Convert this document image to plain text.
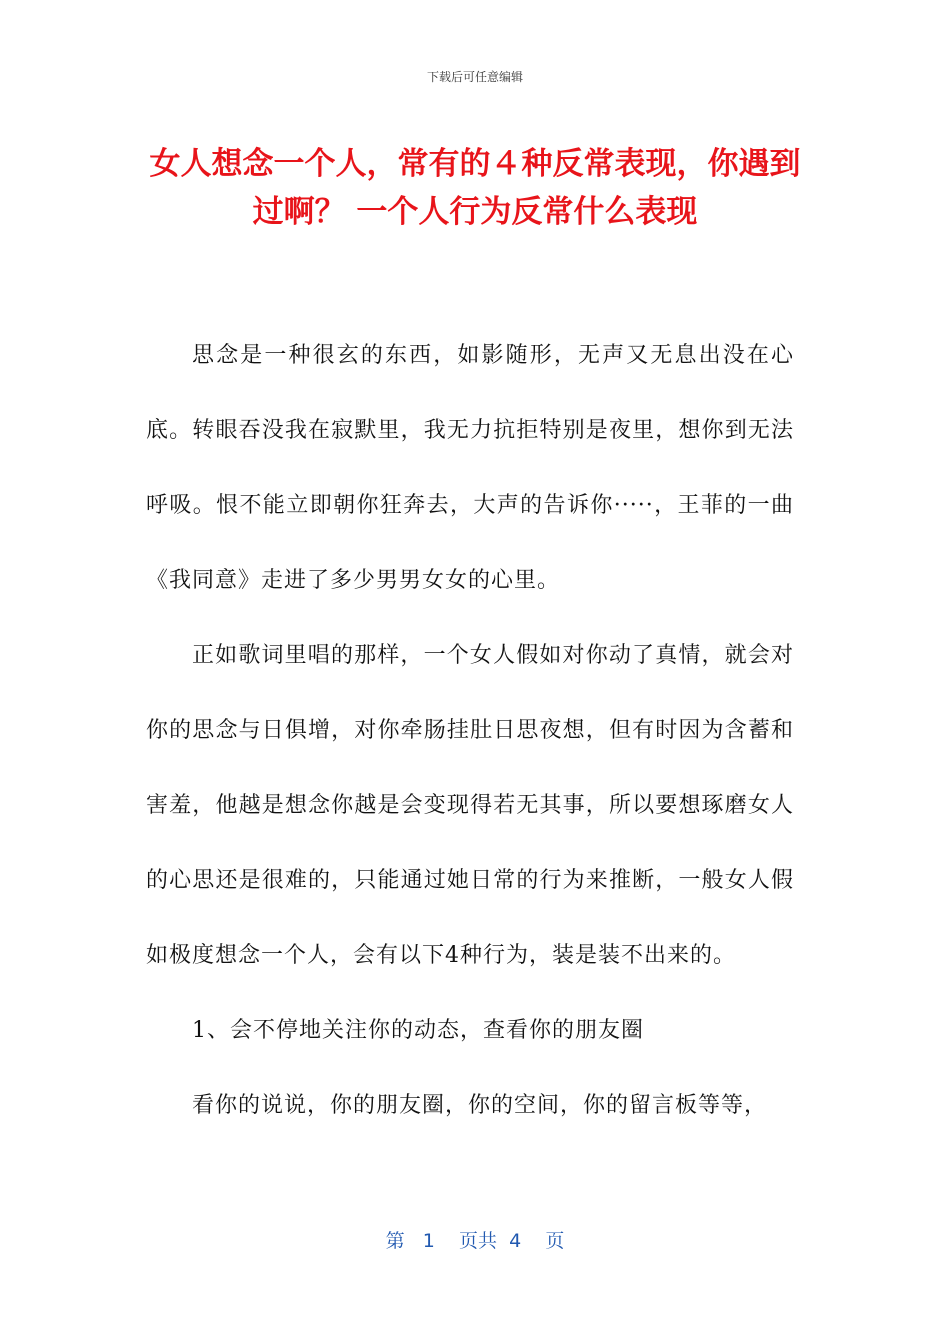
下载后可任意编辑
女人想念一个人，常有的４种反常表现，你遇到过啊？ 一个人行为反常什么表现

思念是一种很玄的东西，如影随形，无声又无息出没在心底。转眼吞没我在寂默里，我无力抗拒特别是夜里，想你到无法呼吸。恨不能立即朝你狂奔去，大声的告诉你·····，王菲的一曲《我同意》走进了多少男男女女的心里。

正如歌词里唱的那样，一个女人假如对你动了真情，就会对你的思念与日俱增，对你牵肠挂肚日思夜想，但有时因为含蓄和害羞，他越是想念你越是会变现得若无其事，所以要想琢磨女人的心思还是很难的，只能通过她日常的行为来推断，一般女人假如极度想念一个人，会有以下4种行为，装是装不出来的。

1、会不停地关注你的动态，查看你的朋友圈

看你的说说，你的朋友圈，你的空间，你的留言板等等，

第 1 页共 4 页
